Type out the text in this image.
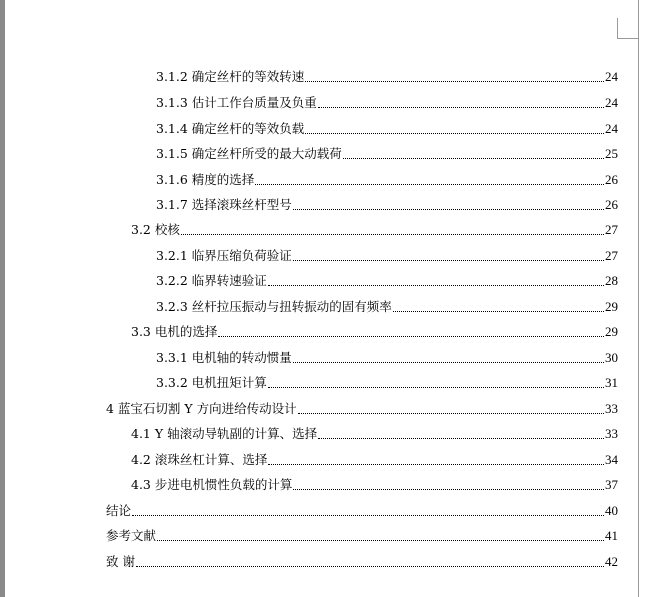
3.1.2 确定丝杆的等效转速	24
3.1.3 估计工作台质量及负重	24
3.1.4 确定丝杆的等效负载	24
3.1.5 确定丝杆所受的最大动载荷	25
3.1.6 精度的选择	26
3.1.7 选择滚珠丝杆型号	26
3.2 校核	27
3.2.1 临界压缩负荷验证	27
3.2.2 临界转速验证	28
3.2.3 丝杆拉压振动与扭转振动的固有频率	29
3.3 电机的选择	29
3.3.1 电机轴的转动惯量	30
3.3.2 电机扭矩计算	31
4 蓝宝石切割 Y 方向进给传动设计	33
4.1 Y 轴滚动导轨副的计算、选择	33
4.2 滚珠丝杠计算、选择	34
4.3 步进电机惯性负载的计算	37
结论	40
参考文献	41
致 谢	42
